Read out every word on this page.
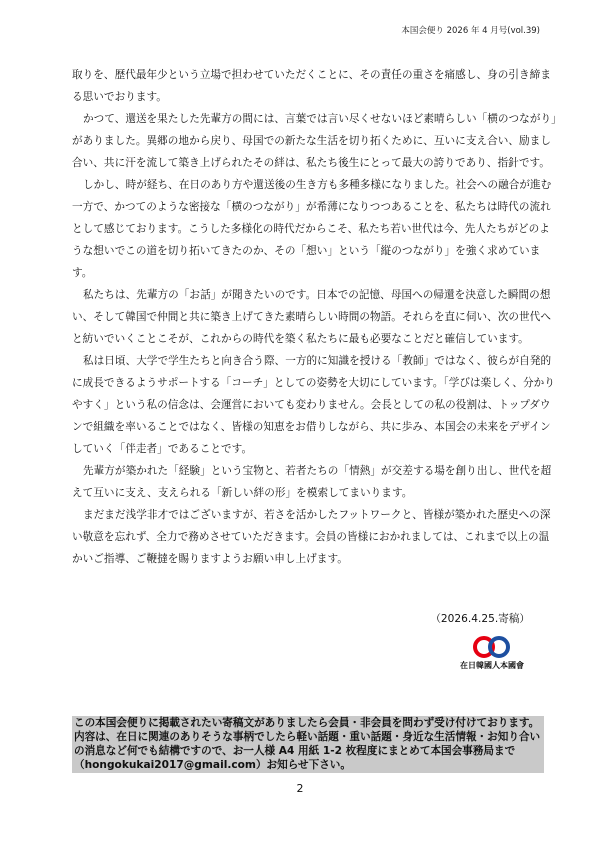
本国会便り 2026 年 4 月号(vol.39)

取りを、歴代最年少という立場で担わせていただくことに、その責任の重さを痛感し、身の引き締まる思いでおります。

かつて、還送を果たした先輩方の間には、言葉では言い尽くせないほど素晴らしい「横のつながり」がありました。異郷の地から戻り、母国での新たな生活を切り拓くために、互いに支え合い、励まし合い、共に汗を流して築き上げられたその絆は、私たち後生にとって最大の誇りであり、指針です。

しかし、時が経ち、在日のあり方や還送後の生き方も多種多様になりました。社会への融合が進む一方で、かつてのような密接な「横のつながり」が希薄になりつつあることを、私たちは時代の流れとして感じております。こうした多様化の時代だからこそ、私たち若い世代は今、先人たちがどのような想いでこの道を切り拓いてきたのか、その「想い」という「縦のつながり」を強く求めています。

私たちは、先輩方の「お話」が聞きたいのです。日本での記憶、母国への帰還を決意した瞬間の想い、そして韓国で仲間と共に築き上げてきた素晴らしい時間の物語。それらを直に伺い、次の世代へと紡いでいくことこそが、これからの時代を築く私たちに最も必要なことだと確信しています。

私は日頃、大学で学生たちと向き合う際、一方的に知識を授ける「教師」ではなく、彼らが自発的に成長できるようサポートする「コーチ」としての姿勢を大切にしています。「学びは楽しく、分かりやすく」という私の信念は、会運営においても変わりません。会長としての私の役割は、トップダウンで組織を率いることではなく、皆様の知恵をお借りしながら、共に歩み、本国会の未来をデザインしていく「伴走者」であることです。

先輩方が築かれた「経験」という宝物と、若者たちの「情熱」が交差する場を創り出し、世代を超えて互いに支え、支えられる「新しい絆の形」を模索してまいります。

まだまだ浅学非才ではございますが、若さを活かしたフットワークと、皆様が築かれた歴史への深い敬意を忘れず、全力で務めさせていただきます。会員の皆様におかれましては、これまで以上の温かいご指導、ご鞭撻を賜りますようお願い申し上げます。

（2026.4.25.寄稿）
在日韓國人本國會

この本国会便りに掲載されたい寄稿文がありましたら会員・非会員を問わず受け付けております。内容は、在日に関連のありそうな事柄でしたら軽い話題・重い話題・身近な生活情報・お知り合いの消息など何でも結構ですので、お一人様 A4 用紙 1-2 枚程度にまとめて本国会事務局まで（hongokukai2017@gmail.com）お知らせ下さい。

2
